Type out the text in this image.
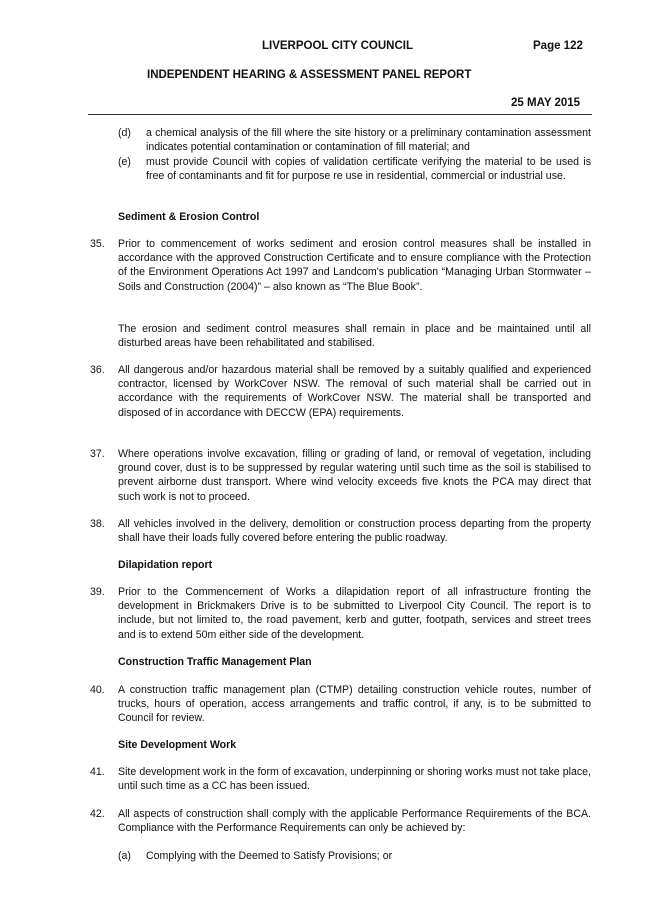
LIVERPOOL CITY COUNCIL	Page 122
INDEPENDENT HEARING & ASSESSMENT PANEL REPORT
25 MAY 2015
(d) a chemical analysis of the fill where the site history or a preliminary contamination assessment indicates potential contamination or contamination of fill material; and
(e) must provide Council with copies of validation certificate verifying the material to be used is free of contaminants and fit for purpose re use in residential, commercial or industrial use.
Sediment & Erosion Control
35. Prior to commencement of works sediment and erosion control measures shall be installed in accordance with the approved Construction Certificate and to ensure compliance with the Protection of the Environment Operations Act 1997 and Landcom's publication “Managing Urban Stormwater – Soils and Construction (2004)” – also known as “The Blue Book”.
The erosion and sediment control measures shall remain in place and be maintained until all disturbed areas have been rehabilitated and stabilised.
36. All dangerous and/or hazardous material shall be removed by a suitably qualified and experienced contractor, licensed by WorkCover NSW. The removal of such material shall be carried out in accordance with the requirements of WorkCover NSW. The material shall be transported and disposed of in accordance with DECCW (EPA) requirements.
37. Where operations involve excavation, filling or grading of land, or removal of vegetation, including ground cover, dust is to be suppressed by regular watering until such time as the soil is stabilised to prevent airborne dust transport. Where wind velocity exceeds five knots the PCA may direct that such work is not to proceed.
38. All vehicles involved in the delivery, demolition or construction process departing from the property shall have their loads fully covered before entering the public roadway.
Dilapidation report
39. Prior to the Commencement of Works a dilapidation report of all infrastructure fronting the development in Brickmakers Drive is to be submitted to Liverpool City Council. The report is to include, but not limited to, the road pavement, kerb and gutter, footpath, services and street trees and is to extend 50m either side of the development.
Construction Traffic Management Plan
40. A construction traffic management plan (CTMP) detailing construction vehicle routes, number of trucks, hours of operation, access arrangements and traffic control, if any, is to be submitted to Council for review.
Site Development Work
41. Site development work in the form of excavation, underpinning or shoring works must not take place, until such time as a CC has been issued.
42. All aspects of construction shall comply with the applicable Performance Requirements of the BCA. Compliance with the Performance Requirements can only be achieved by:
(a) Complying with the Deemed to Satisfy Provisions; or
